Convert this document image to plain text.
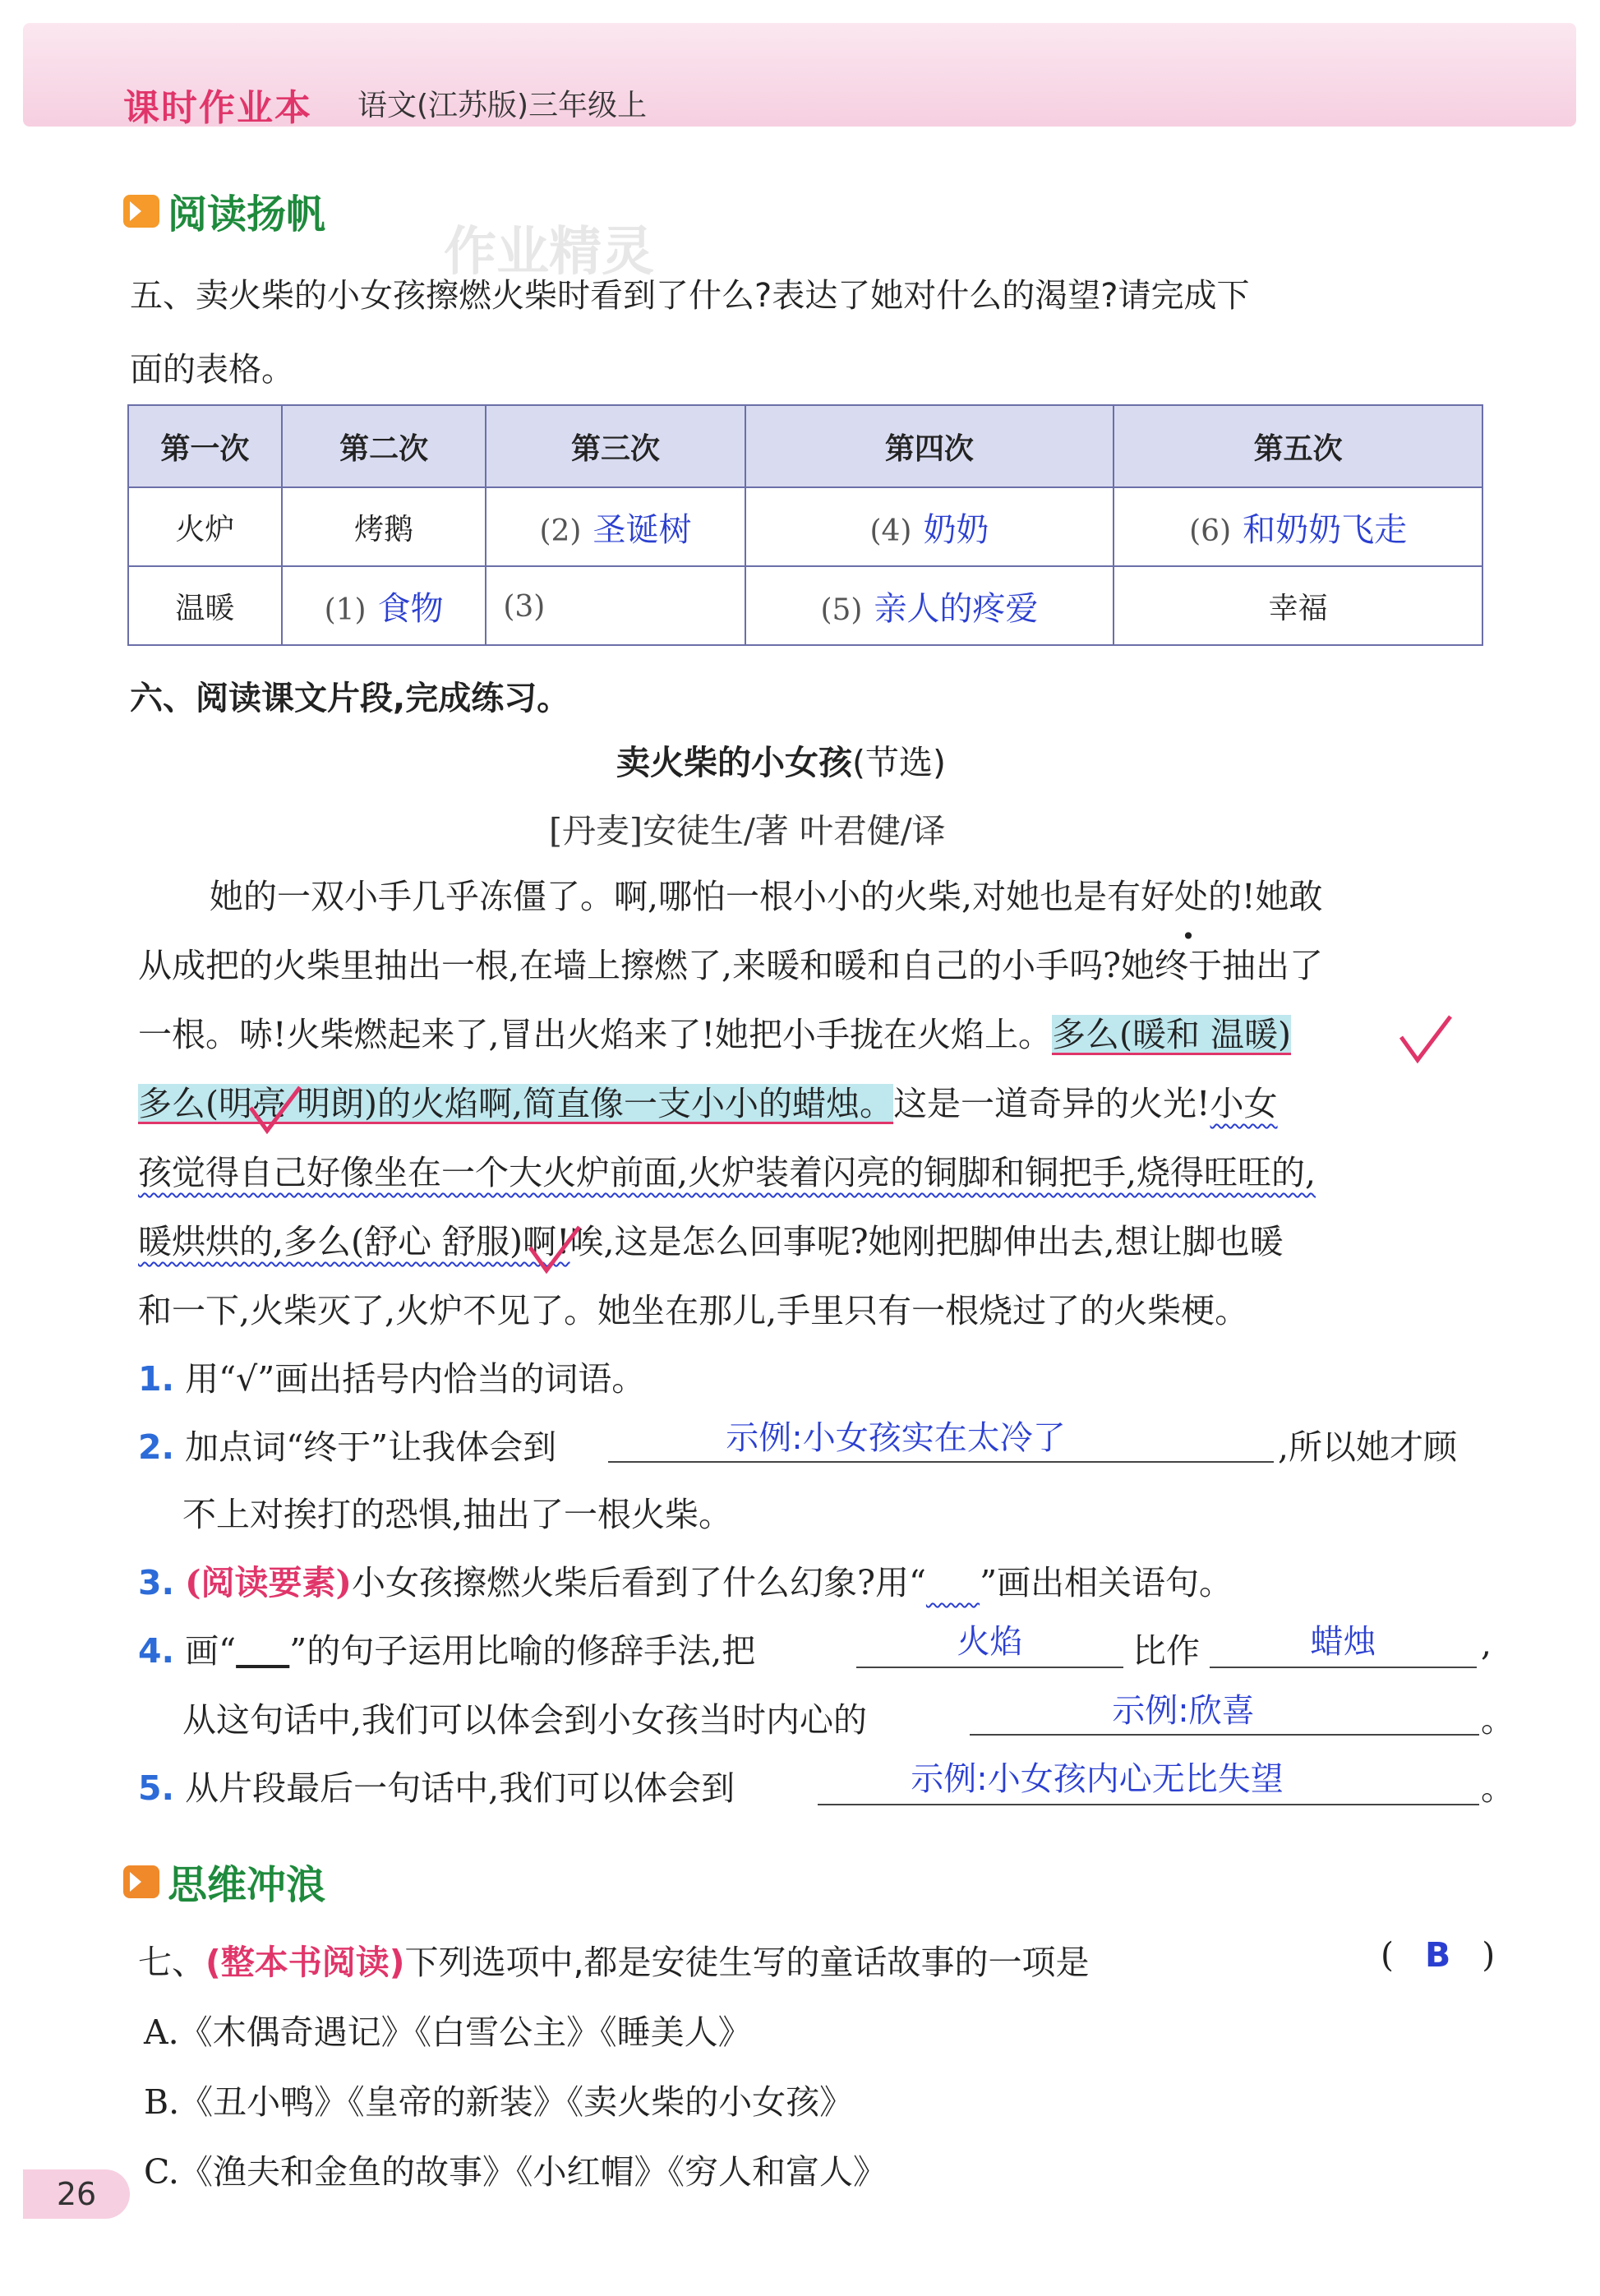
课时作业本 语文(江苏版)三年级上
阅读扬帆
作业精灵
五、卖火柴的小女孩擦燃火柴时看到了什么?表达了她对什么的渴望?请完成下
面的表格。
第一次	第二次	第三次	第四次	第五次
火炉	烤鹅	(2) 圣诞树	(4) 奶奶	(6) 和奶奶飞走
温暖	(1) 食物	(3)	(5) 亲人的疼爱	幸福
六、阅读课文片段,完成练习。
卖火柴的小女孩(节选)
[丹麦]安徒生/著 叶君健/译
她的一双小手几乎冻僵了。啊,哪怕一根小小的火柴,对她也是有好处的!她敢
从成把的火柴里抽出一根,在墙上擦燃了,来暖和暖和自己的小手吗?她终于抽出了
一根。哧!火柴燃起来了,冒出火焰来了!她把小手拢在火焰上。多么(暖和 温暖)
多么(明亮 明朗)的火焰啊,简直像一支小小的蜡烛。这是一道奇异的火光!小女
孩觉得自己好像坐在一个大火炉前面,火炉装着闪亮的铜脚和铜把手,烧得旺旺的,
暖烘烘的,多么(舒心 舒服)啊!唉,这是怎么回事呢?她刚把脚伸出去,想让脚也暖
和一下,火柴灭了,火炉不见了。她坐在那儿,手里只有一根烧过了的火柴梗。
1. 用“√”画出括号内恰当的词语。
2. 加点词“终于”让我体会到	示例:小女孩实在太冷了	,所以她才顾
不上对挨打的恐惧,抽出了一根火柴。
3. (阅读要素)小女孩擦燃火柴后看到了什么幻象?用“ ”画出相关语句。
4. 画“ ”的句子运用比喻的修辞手法,把	火焰	比作	蜡烛	,
从这句话中,我们可以体会到小女孩当时内心的	示例:欣喜	。
5. 从片段最后一句话中,我们可以体会到	示例:小女孩内心无比失望	。
思维冲浪
七、(整本书阅读)下列选项中,都是安徒生写的童话故事的一项是	( B )
A.《木偶奇遇记》《白雪公主》《睡美人》
B.《丑小鸭》《皇帝的新装》《卖火柴的小女孩》
C.《渔夫和金鱼的故事》《小红帽》《穷人和富人》
26
